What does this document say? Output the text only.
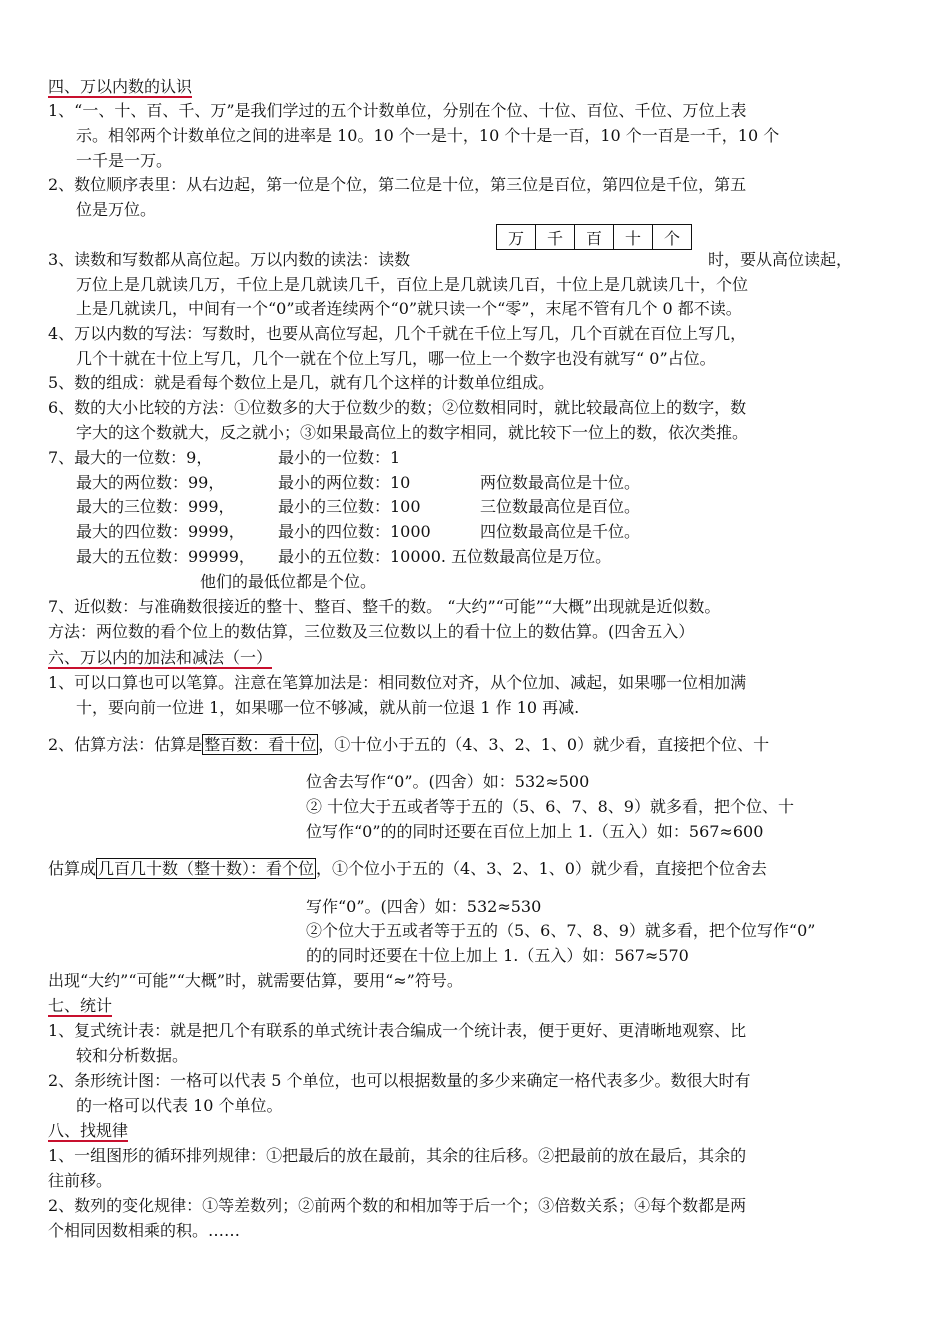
四、万以内数的认识
1、“一、十、百、千、万”是我们学过的五个计数单位，分别在个位、十位、百位、千位、万位上表
示。相邻两个计数单位之间的进率是 10。10 个一是十，10 个十是一百，10 个一百是一千，10 个
一千是一万。
2、数位顺序表里：从右边起，第一位是个位，第二位是十位，第三位是百位，第四位是千位，第五
位是万位。
万	千	百	十	个
3、读数和写数都从高位起。万以内数的读法：读数	时，要从高位读起，
万位上是几就读几万，千位上是几就读几千，百位上是几就读几百，十位上是几就读几十，个位
上是几就读几，中间有一个“0”或者连续两个“0”就只读一个“零”，末尾不管有几个 0 都不读。
4、万以内数的写法：写数时，也要从高位写起，几个千就在千位上写几，几个百就在百位上写几，
几个十就在十位上写几，几个一就在个位上写几，哪一位上一个数字也没有就写“ 0”占位。
5、数的组成：就是看每个数位上是几，就有几个这样的计数单位组成。
6、数的大小比较的方法：①位数多的大于位数少的数；②位数相同时，就比较最高位上的数字，数
字大的这个数就大，反之就小；③如果最高位上的数字相同，就比较下一位上的数，依次类推。
7、最大的一位数：9，	最小的一位数：1
最大的两位数：99，	最小的两位数：10	两位数最高位是十位。
最大的三位数：999，	最小的三位数：100	三位数最高位是百位。
最大的四位数：9999， 最小的四位数：1000	四位数最高位是千位。
最大的五位数：99999， 最小的五位数：10000. 五位数最高位是万位。
他们的最低位都是个位。
7、近似数：与准确数很接近的整十、整百、整千的数。 “大约”“可能”“大概”出现就是近似数。
方法：两位数的看个位上的数估算，三位数及三位数以上的看十位上的数估算。(四舍五入）
六、万以内的加法和减法（一）
1、可以口算也可以笔算。注意在笔算加法是：相同数位对齐，从个位加、减起，如果哪一位相加满
十，要向前一位进 1，如果哪一位不够减，就从前一位退 1 作 10 再减.
2、估算方法：估算是 整百数：看十位 ，①十位小于五的（4、3、2、1、0）就少看，直接把个位、十
位舍去写作“0”。(四舍）如：532≈500
② 十位大于五或者等于五的（5、6、7、8、9）就多看，把个位、十
位写作“0”的的同时还要在百位上加上 1.（五入）如：567≈600
估算成 几百几十数（整十数）：看个位 ，①个位小于五的（4、3、2、1、0）就少看，直接把个位舍去
写作“0”。(四舍）如：532≈530
②个位大于五或者等于五的（5、6、7、8、9）就多看，把个位写作“0”
的的同时还要在十位上加上 1.（五入）如：567≈570
出现“大约”“可能”“大概”时，就需要估算，要用“≈”符号。
七、统计
1、复式统计表：就是把几个有联系的单式统计表合编成一个统计表，便于更好、更清晰地观察、比
较和分析数据。
2、条形统计图：一格可以代表 5 个单位，也可以根据数量的多少来确定一格代表多少。数很大时有
的一格可以代表 10 个单位。
八、找规律
1、一组图形的循环排列规律：①把最后的放在最前，其余的往后移。②把最前的放在最后，其余的
往前移。
2、数列的变化规律：①等差数列；②前两个数的和相加等于后一个；③倍数关系；④每个数都是两
个相同因数相乘的积。……
